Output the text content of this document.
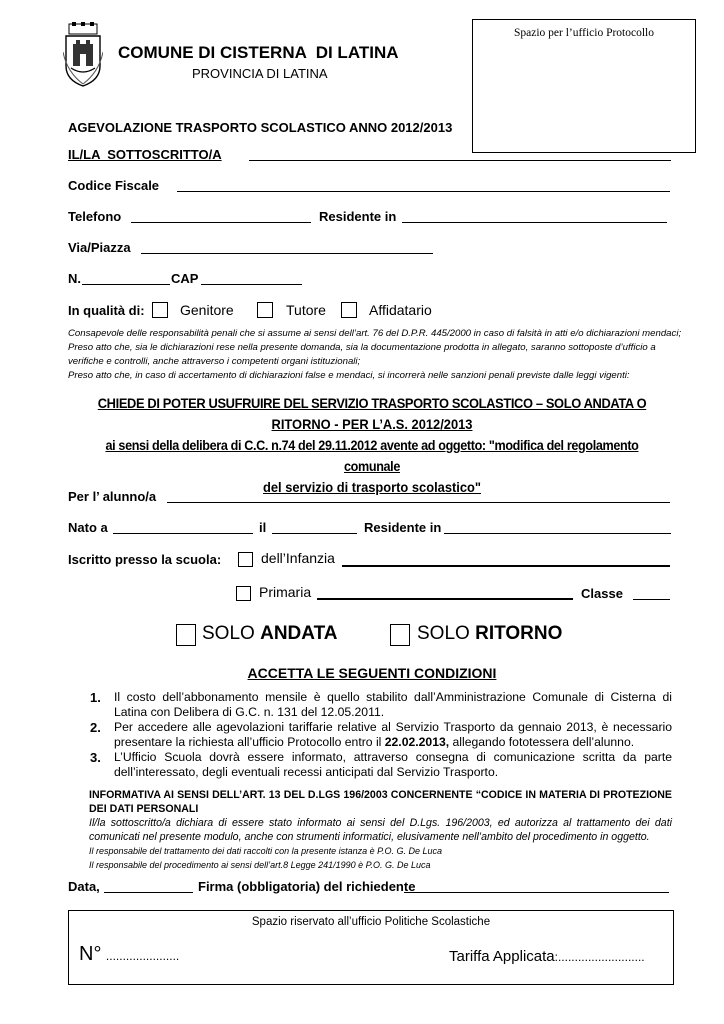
COMUNE DI CISTERNA  DI LATINA
PROVINCIA DI LATINA
Spazio per l’ufficio Protocollo
AGEVOLAZIONE TRASPORTO SCOLASTICO ANNO 2012/2013
IL/LA  SOTTOSCRITTO/A
Codice Fiscale
Telefono	Residente in
Via/Piazza
N.	CAP
In qualità di:	Genitore	Tutore	Affidatario
Consapevole delle responsabilità penali che si assume ai sensi dell’art. 76 del D.P.R. 445/2000 in caso di falsità in atti e/o dichiarazioni mendaci;
Preso atto che, sia le dichiarazioni rese nella presente domanda, sia la documentazione prodotta in allegato, saranno sottoposte d’ufficio a verifiche e controlli, anche attraverso i competenti organi istituzionali;
Preso atto che, in caso di accertamento di dichiarazioni false e mendaci, si incorrerà nelle sanzioni penali previste dalle leggi vigenti:
CHIEDE DI POTER USUFRUIRE DEL SERVIZIO TRASPORTO SCOLASTICO – SOLO ANDATA O
RITORNO - PER L’A.S. 2012/2013
ai sensi della delibera di C.C. n.74 del 29.11.2012 avente ad oggetto: "modifica del regolamento comunale
del servizio di trasporto scolastico"
Per l’ alunno/a
Nato a	il	Residente in
Iscritto presso la scuola:	dell’Infanzia
Primaria	Classe
SOLO ANDATA	SOLO RITORNO
ACCETTA LE SEGUENTI CONDIZIONI
1. Il costo dell’abbonamento mensile è quello stabilito dall’Amministrazione Comunale di Cisterna di Latina con Delibera di G.C. n. 131 del 12.05.2011.
2. Per accedere alle agevolazioni tariffarie relative al Servizio Trasporto da gennaio 2013, è necessario presentare la richiesta all’ufficio Protocollo entro il 22.02.2013, allegando fototessera dell’alunno.
3. L’Ufficio Scuola dovrà essere informato, attraverso consegna di comunicazione scritta da parte dell’interessato, degli eventuali recessi anticipati dal Servizio Trasporto.
INFORMATIVA AI SENSI DELL’ART. 13 DEL D.LGS 196/2003 CONCERNENTE “CODICE IN MATERIA DI PROTEZIONE DEI DATI PERSONALI
Il/la sottoscritto/a dichiara di essere stato informato ai sensi del D.Lgs. 196/2003, ed autorizza al trattamento dei dati comunicati nel presente modulo, anche con strumenti informatici, elusivamente nell’ambito del procedimento in oggetto.
Il responsabile del trattamento dei dati raccolti con la presente istanza è P.O. G. De Luca
Il responsabile del procedimento ai sensi dell’art.8 Legge 241/1990 è P.O. G. De Luca
Data,	Firma (obbligatoria) del richiedente
Spazio riservato all’ufficio Politiche Scolastiche
N° ......................	Tariffa Applicata:..........................
